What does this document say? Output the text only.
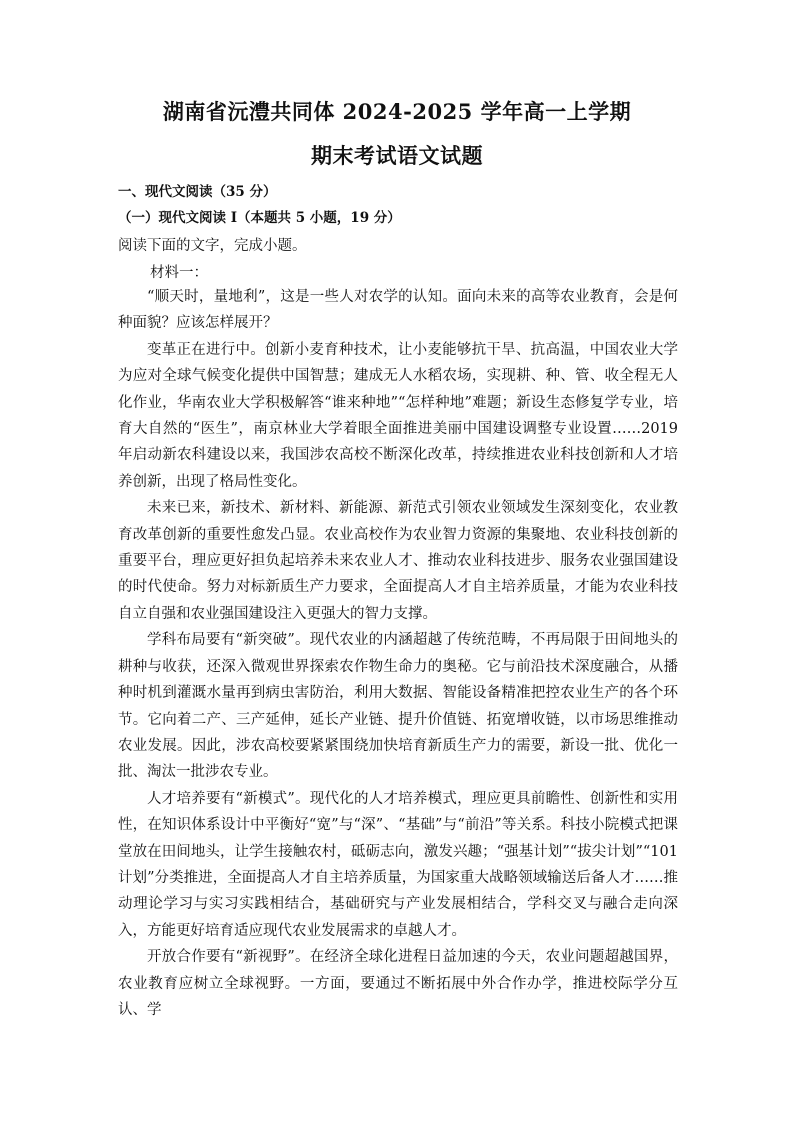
湖南省沅澧共同体 2024-2025 学年高一上学期
期末考试语文试题
一、现代文阅读（35 分）
（一）现代文阅读 I（本题共 5 小题，19 分）
阅读下面的文字，完成小题。
材料一：

“顺天时，量地利”，这是一些人对农学的认知。面向未来的高等农业教育，会是何种面貌？应该怎样展开？

变革正在进行中。创新小麦育种技术，让小麦能够抗干旱、抗高温，中国农业大学为应对全球气候变化提供中国智慧；建成无人水稻农场，实现耕、种、管、收全程无人化作业，华南农业大学积极解答“谁来种地”“怎样种地”难题；新设生态修复学专业，培育大自然的“医生”，南京林业大学着眼全面推进美丽中国建设调整专业设置……2019 年启动新农科建设以来，我国涉农高校不断深化改革，持续推进农业科技创新和人才培养创新，出现了格局性变化。

未来已来，新技术、新材料、新能源、新范式引领农业领域发生深刻变化，农业教育改革创新的重要性愈发凸显。农业高校作为农业智力资源的集聚地、农业科技创新的重要平台，理应更好担负起培养未来农业人才、推动农业科技进步、服务农业强国建设的时代使命。努力对标新质生产力要求，全面提高人才自主培养质量，才能为农业科技自立自强和农业强国建设注入更强大的智力支撑。

学科布局要有“新突破”。现代农业的内涵超越了传统范畴，不再局限于田间地头的耕种与收获，还深入微观世界探索农作物生命力的奥秘。它与前沿技术深度融合，从播种时机到灌溉水量再到病虫害防治，利用大数据、智能设备精准把控农业生产的各个环节。它向着二产、三产延伸，延长产业链、提升价值链、拓宽增收链，以市场思维推动农业发展。因此，涉农高校要紧紧围绕加快培育新质生产力的需要，新设一批、优化一批、淘汰一批涉农专业。

人才培养要有“新模式”。现代化的人才培养模式，理应更具前瞻性、创新性和实用性，在知识体系设计中平衡好“宽”与“深”、“基础”与“前沿”等关系。科技小院模式把课堂放在田间地头，让学生接触农村，砥砺志向，激发兴趣；“强基计划”“拔尖计划”“101 计划”分类推进，全面提高人才自主培养质量，为国家重大战略领域输送后备人才……推动理论学习与实习实践相结合，基础研究与产业发展相结合，学科交叉与融合走向深入，方能更好培育适应现代农业发展需求的卓越人才。

开放合作要有“新视野”。在经济全球化进程日益加速的今天，农业问题超越国界，农业教育应树立全球视野。一方面，要通过不断拓展中外合作办学，推进校际学分互认、学
